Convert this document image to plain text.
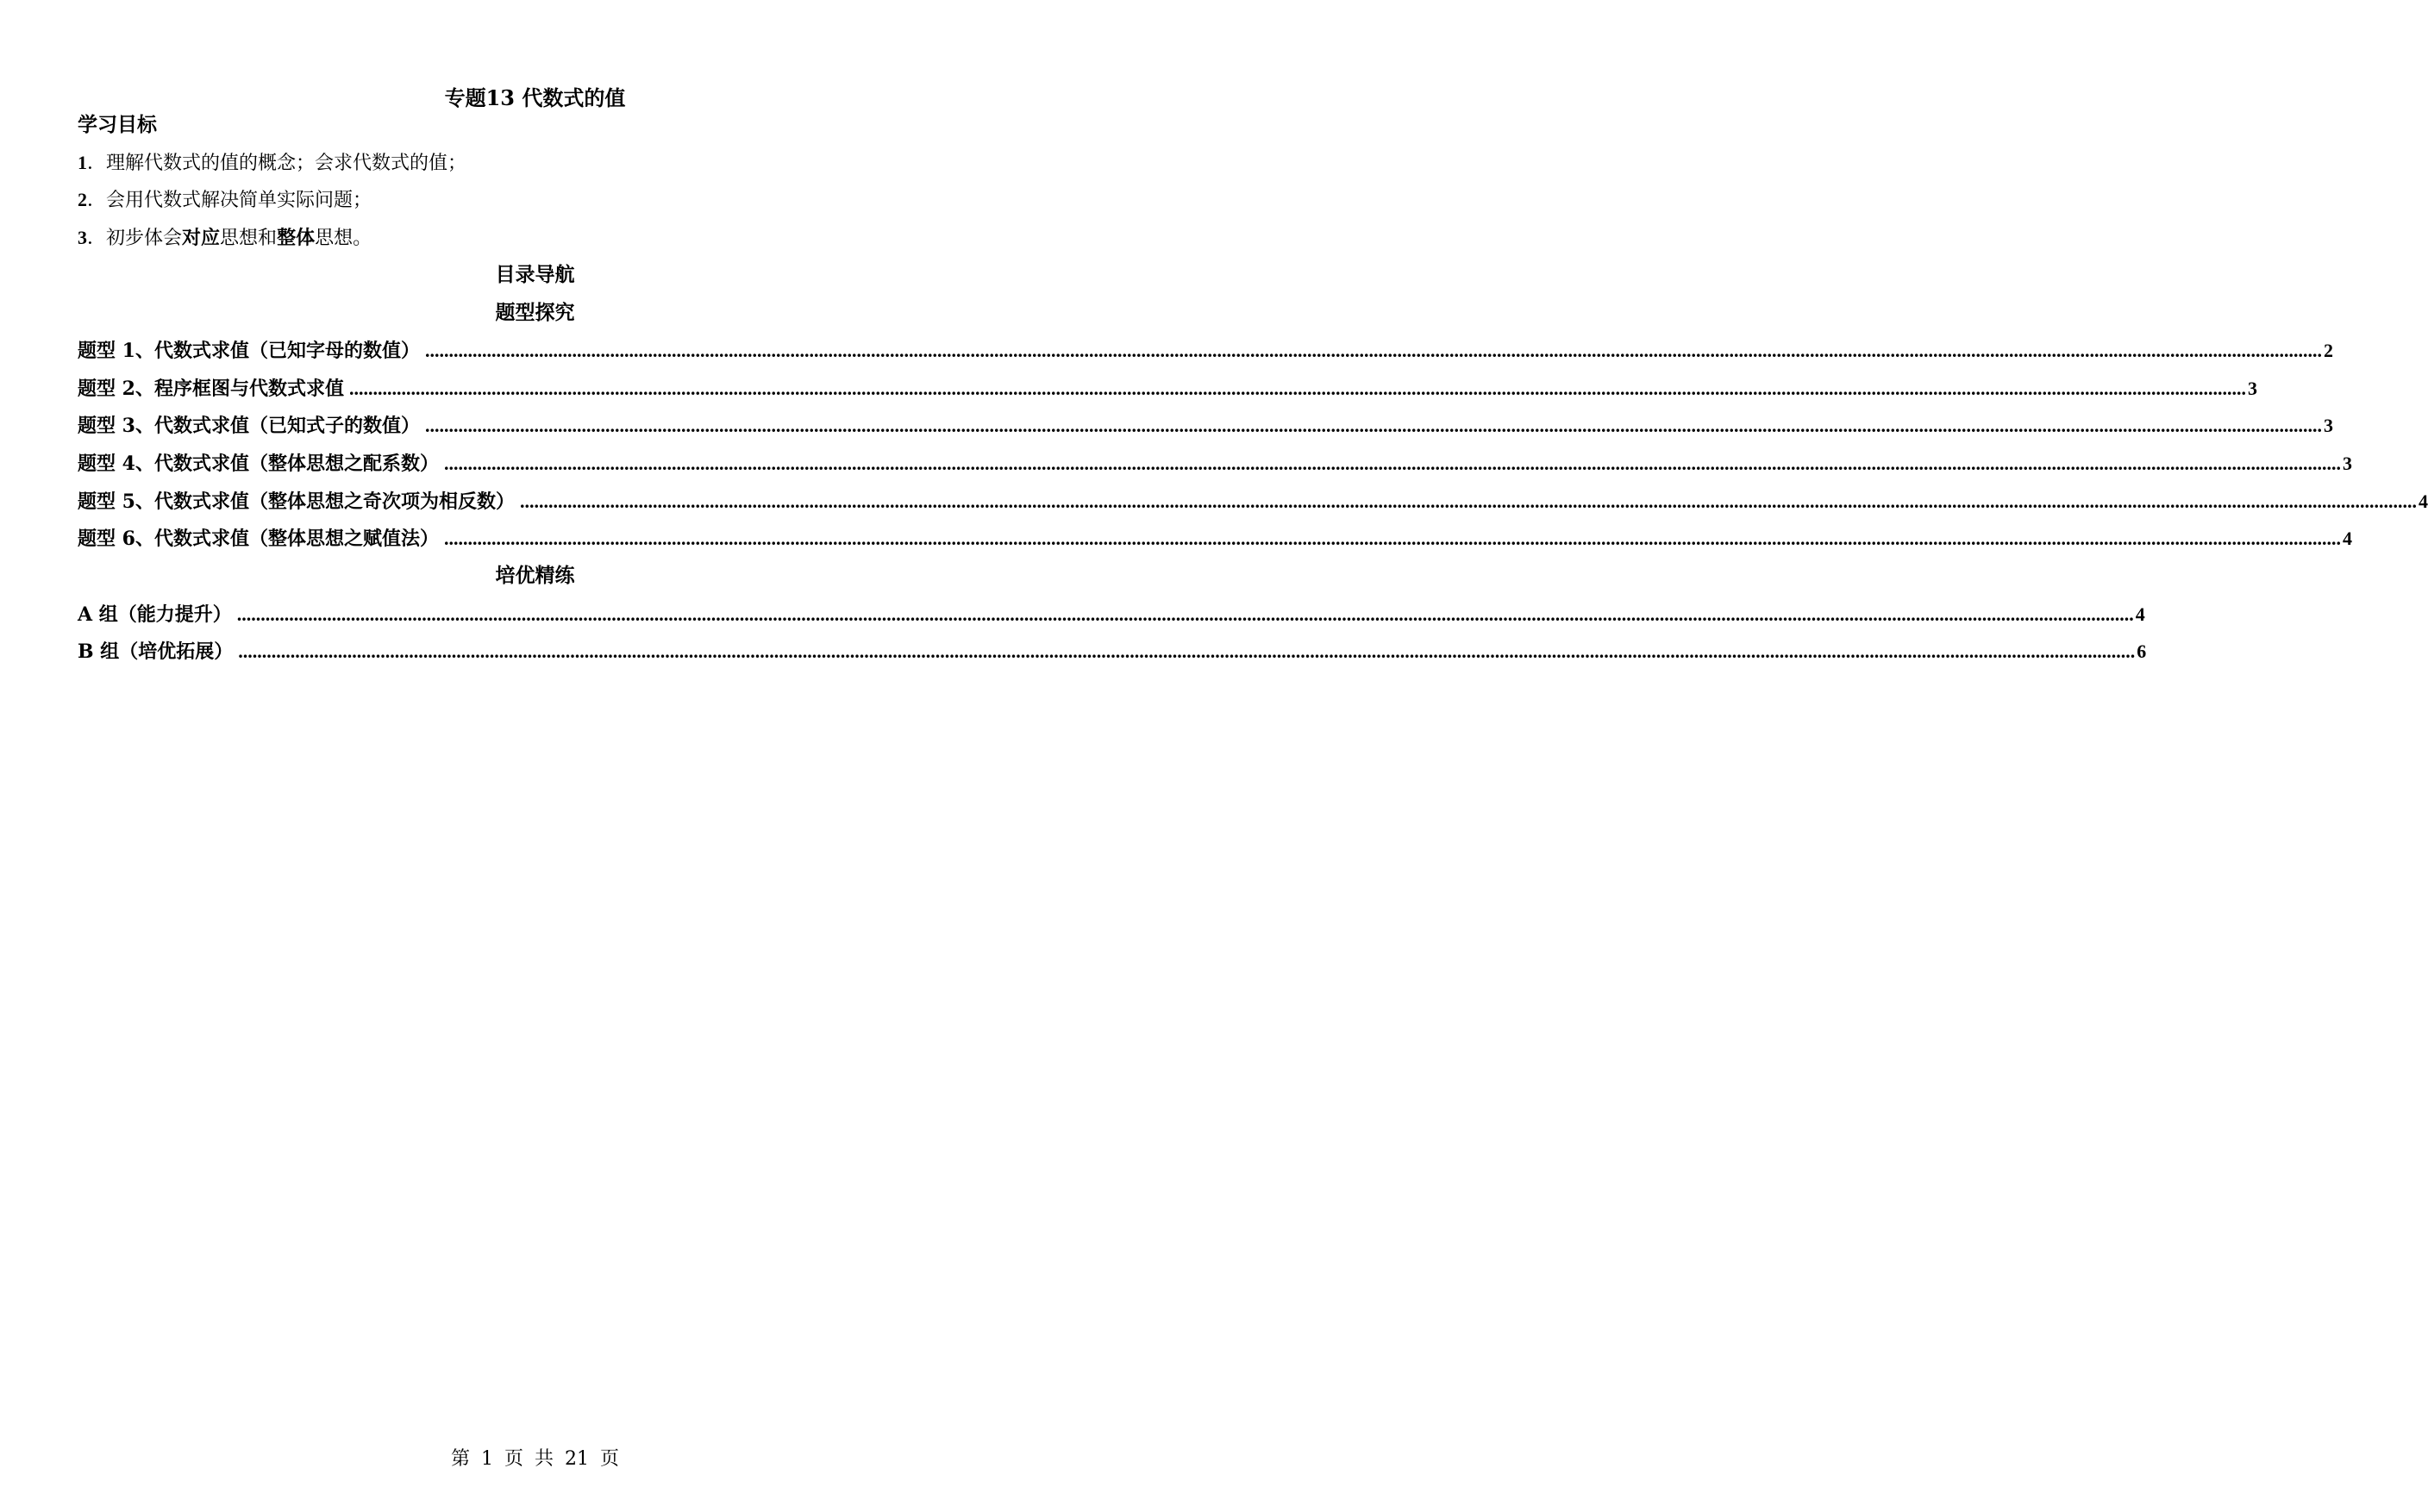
专题13 代数式的值
学习目标
1．理解代数式的值的概念；会求代数式的值；
2．会用代数式解决简单实际问题；
3．初步体会对应思想和整体思想。
目录导航
题型探究
题型 1、代数式求值（已知字母的数值） ................................................................................................................................................................................................................................................................................................................................................................................................................ 2
题型 2、程序框图与代数式求值 ................................................................................................................................................................................................................................................................................................................................................................................................................ 3
题型 3、代数式求值（已知式子的数值） ................................................................................................................................................................................................................................................................................................................................................................................................................ 3
题型 4、代数式求值（整体思想之配系数） ................................................................................................................................................................................................................................................................................................................................................................................................................ 3
题型 5、代数式求值（整体思想之奇次项为相反数） ................................................................................................................................................................................................................................................................................................................................................................................................................ 4
题型 6、代数式求值（整体思想之赋值法） ................................................................................................................................................................................................................................................................................................................................................................................................................ 4
培优精练
A 组（能力提升） ................................................................................................................................................................................................................................................................................................................................................................................................................ 4
B 组（培优拓展） ................................................................................................................................................................................................................................................................................................................................................................................................................ 6
第 1 页 共 21 页
